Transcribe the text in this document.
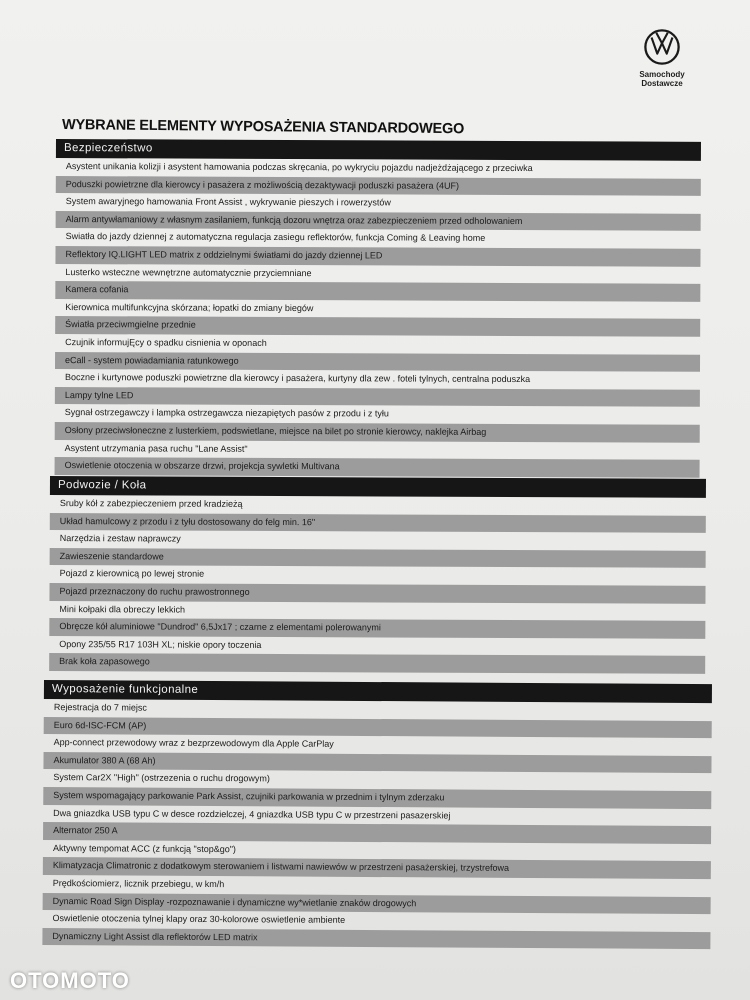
Samochody
Dostawcze
WYBRANE ELEMENTY WYPOSAŻENIA STANDARDOWEGO
Bezpieczeństwo
Asystent unikania kolizji i asystent hamowania podczas skręcania, po wykryciu pojazdu nadjeżdżającego z przeciwka
Poduszki powietrzne dla kierowcy i pasażera z możliwością dezaktywacji poduszki pasażera (4UF)
System awaryjnego hamowania Front Assist , wykrywanie pieszych i rowerzystów
Alarm antywłamaniowy z własnym zasilaniem, funkcją dozoru wnętrza oraz zabezpieczeniem przed odholowaniem
Swiatła do jazdy dziennej z automatyczna regulacja zasiegu reflektorów, funkcja Coming & Leaving home
Reflektory IQ.LIGHT LED matrix z oddzielnymi światłami do jazdy dziennej LED
Lusterko wsteczne wewnętrzne automatycznie przyciemniane
Kamera cofania
Kierownica multifunkcyjna skórzana; łopatki do zmiany biegów
Światła przeciwmgielne przednie
Czujnik informujĘcy o spadku cisnienia w oponach
eCall - system powiadamiania ratunkowego
Boczne i kurtynowe poduszki powietrzne dla kierowcy i pasażera, kurtyny dla zew . foteli tylnych, centralna poduszka
Lampy tylne LED
Sygnał ostrzegawczy i lampka ostrzegawcza niezapiętych pasów z przodu i z tyłu
Osłony przeciwsłoneczne z lusterkiem, podswietlane, miejsce na bilet po stronie kierowcy, naklejka Airbag
Asystent utrzymania pasa ruchu "Lane Assist"
Oswietlenie otoczenia w obszarze drzwi, projekcja sywletki Multivana
Podwozie / Koła
Sruby kół z zabezpieczeniem przed kradzieżą
Układ hamulcowy z przodu i z tyłu dostosowany do felg min. 16"
Narzędzia i zestaw naprawczy
Zawieszenie standardowe
Pojazd z kierownicą po lewej stronie
Pojazd przeznaczony do ruchu prawostronnego
Mini kołpaki dla obreczy lekkich
Obręcze kół aluminiowe "Dundrod" 6,5Jx17 ; czarne z elementami polerowanymi
Opony 235/55 R17 103H XL; niskie opory toczenia
Brak koła zapasowego
Wyposażenie funkcjonalne
Rejestracja do 7 miejsc
Euro 6d-ISC-FCM (AP)
App-connect przewodowy wraz z bezprzewodowym dla Apple CarPlay
Akumulator 380 A (68 Ah)
System Car2X "High" (ostrzezenia o ruchu drogowym)
System wspomagający parkowanie Park Assist, czujniki parkowania w przednim i tylnym zderzaku
Dwa gniazdka USB typu C w desce rozdzielczej, 4 gniazdka USB typu C w przestrzeni pasazerskiej
Alternator 250 A
Aktywny tempomat ACC (z funkcją "stop&go")
Klimatyzacja Climatronic z dodatkowym sterowaniem i listwami nawiewów w przestrzeni pasażerskiej, trzystrefowa
Prędkościomierz, licznik przebiegu, w km/h
Dynamic Road Sign Display -rozpoznawanie i dynamiczne wy*wietlanie znaków drogowych
Oswietlenie otoczenia tylnej klapy oraz 30-kolorowe oswietlenie ambiente
Dynamiczny Light Assist dla reflektorów LED matrix
OTOMOTO
